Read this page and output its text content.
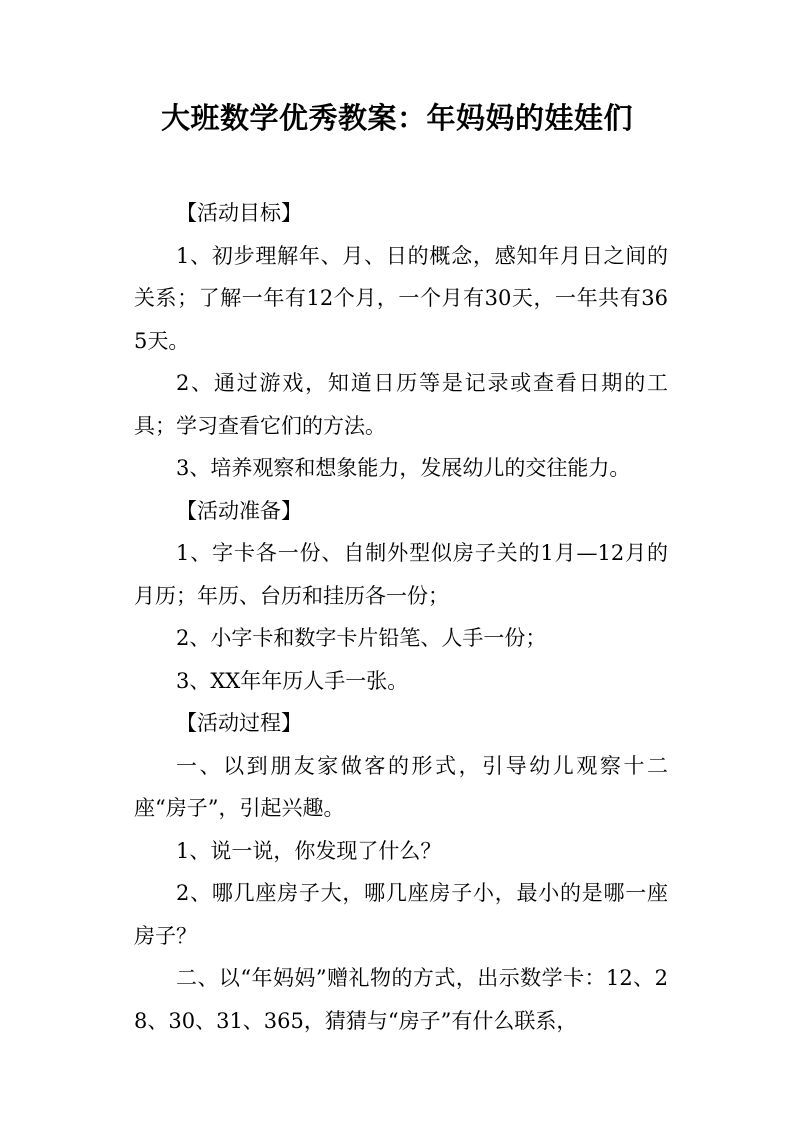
大班数学优秀教案：年妈妈的娃娃们

【活动目标】

1、初步理解年、月、日的概念，感知年月日之间的关系；了解一年有12个月，一个月有30天，一年共有365天。

2、通过游戏，知道日历等是记录或查看日期的工具；学习查看它们的方法。

3、培养观察和想象能力，发展幼儿的交往能力。

【活动准备】

1、字卡各一份、自制外型似房子关的1月—12月的月历；年历、台历和挂历各一份；

2、小字卡和数字卡片铅笔、人手一份；

3、XX年年历人手一张。

【活动过程】

一、以到朋友家做客的形式，引导幼儿观察十二座“房子”，引起兴趣。

1、说一说，你发现了什么？

2、哪几座房子大，哪几座房子小，最小的是哪一座房子？

二、以“年妈妈”赠礼物的方式，出示数学卡：12、28、30、31、365，猜猜与“房子”有什么联系，
